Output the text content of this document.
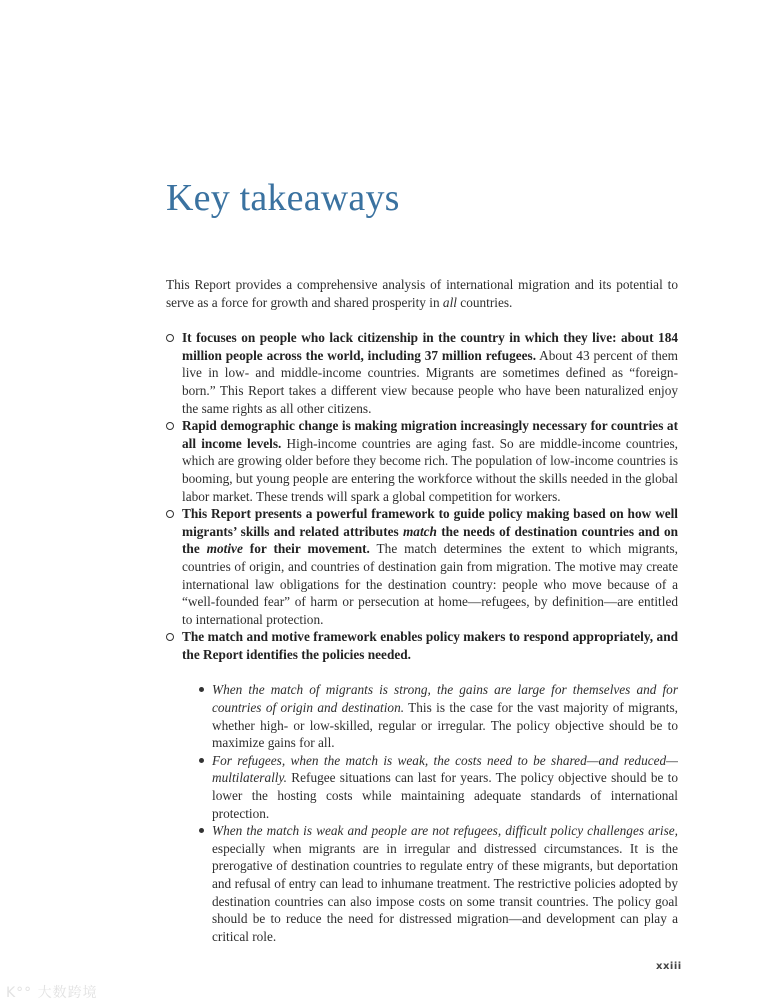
Key takeaways

This Report provides a comprehensive analysis of international migration and its potential to serve as a force for growth and shared prosperity in all countries.

It focuses on people who lack citizenship in the country in which they live: about 184 million people across the world, including 37 million refugees. About 43 percent of them live in low- and middle-income countries. Migrants are sometimes defined as “foreign-born.” This Report takes a different view because people who have been naturalized enjoy the same rights as all other citizens.
Rapid demographic change is making migration increasingly necessary for countries at all income levels. High-income countries are aging fast. So are middle-income countries, which are growing older before they become rich. The population of low-income countries is booming, but young people are entering the workforce without the skills needed in the global labor market. These trends will spark a global competition for workers.
This Report presents a powerful framework to guide policy making based on how well migrants’ skills and related attributes match the needs of destination countries and on the motive for their movement. The match determines the extent to which migrants, countries of origin, and countries of destination gain from migration. The motive may create international law obligations for the destination country: people who move because of a “well-founded fear” of harm or persecution at home—refugees, by definition—are entitled to international protection.
The match and motive framework enables policy makers to respond appropriately, and the Report identifies the policies needed.
When the match of migrants is strong, the gains are large for themselves and for countries of origin and destination. This is the case for the vast majority of migrants, whether high- or low-skilled, regular or irregular. The policy objective should be to maximize gains for all.
For refugees, when the match is weak, the costs need to be shared—and reduced—multilaterally. Refugee situations can last for years. The policy objective should be to lower the hosting costs while maintaining adequate standards of international protection.
When the match is weak and people are not refugees, difficult policy challenges arise, especially when migrants are in irregular and distressed circumstances. It is the prerogative of destination countries to regulate entry of these migrants, but deportation and refusal of entry can lead to inhumane treatment. The restrictive policies adopted by destination countries can also impose costs on some transit countries. The policy goal should be to reduce the need for distressed migration—and development can play a critical role.
xxiii
K°° 大数跨境
